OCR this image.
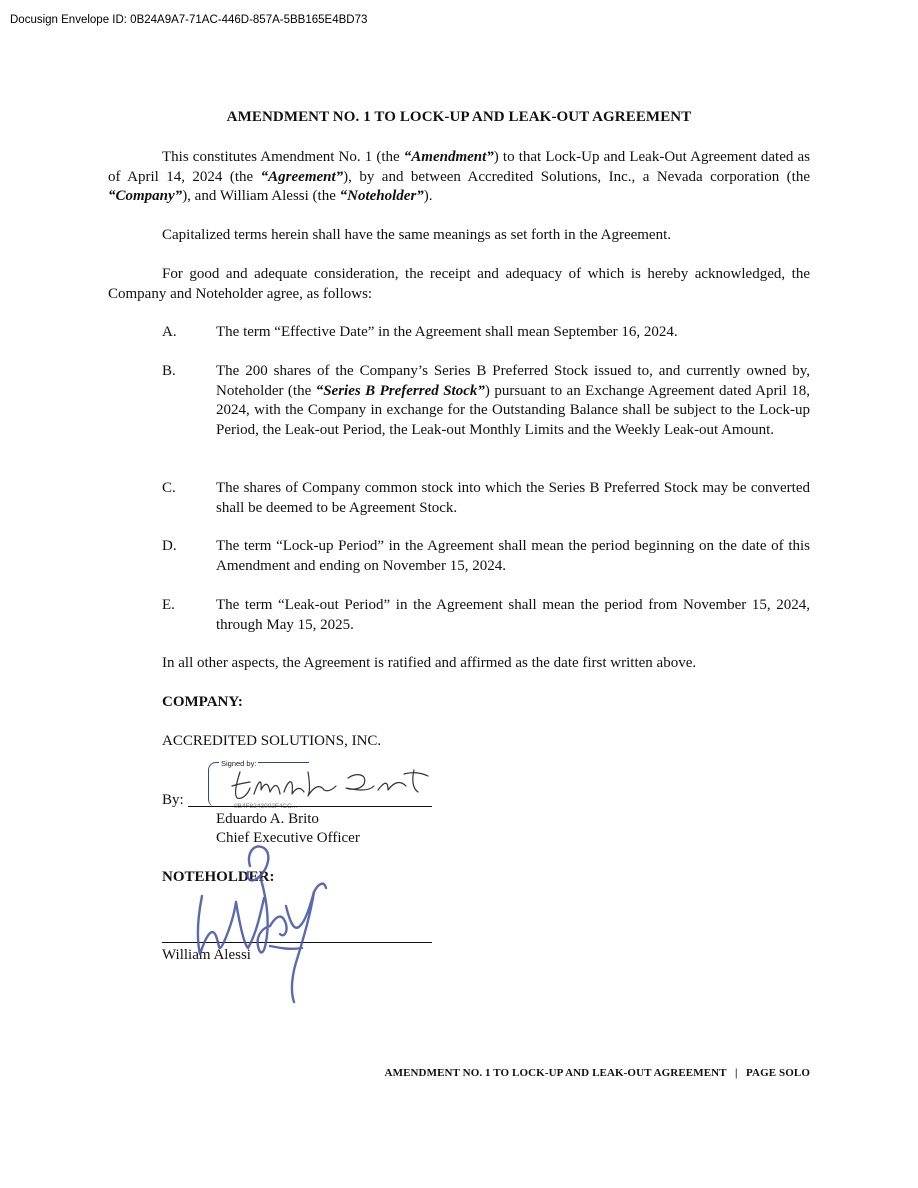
Docusign Envelope ID: 0B24A9A7-71AC-446D-857A-5BB165E4BD73
AMENDMENT NO. 1 TO LOCK-UP AND LEAK-OUT AGREEMENT
This constitutes Amendment No. 1 (the “Amendment”) to that Lock-Up and Leak-Out Agreement dated as of April 14, 2024 (the “Agreement”), by and between Accredited Solutions, Inc., a Nevada corporation (the “Company”), and William Alessi (the “Noteholder”).
Capitalized terms herein shall have the same meanings as set forth in the Agreement.
For good and adequate consideration, the receipt and adequacy of which is hereby acknowledged, the Company and Noteholder agree, as follows:
A.	The term “Effective Date” in the Agreement shall mean September 16, 2024.
B.	The 200 shares of the Company’s Series B Preferred Stock issued to, and currently owned by, Noteholder (the “Series B Preferred Stock”) pursuant to an Exchange Agreement dated April 18, 2024, with the Company in exchange for the Outstanding Balance shall be subject to the Lock-up Period, the Leak-out Period, the Leak-out Monthly Limits and the Weekly Leak-out Amount.
C.	The shares of Company common stock into which the Series B Preferred Stock may be converted shall be deemed to be Agreement Stock.
D.	The term “Lock-up Period” in the Agreement shall mean the period beginning on the date of this Amendment and ending on November 15, 2024.
E.	The term “Leak-out Period” in the Agreement shall mean the period from November 15, 2024, through May 15, 2025.
In all other aspects, the Agreement is ratified and affirmed as the date first written above.
COMPANY:
ACCREDITED SOLUTIONS, INC.
Signed by:
0B4F8243002F4CC...
By:
Eduardo A. Brito
Chief Executive Officer
NOTEHOLDER:
William Alessi
AMENDMENT NO. 1 TO LOCK-UP AND LEAK-OUT AGREEMENT   |   PAGE SOLO
